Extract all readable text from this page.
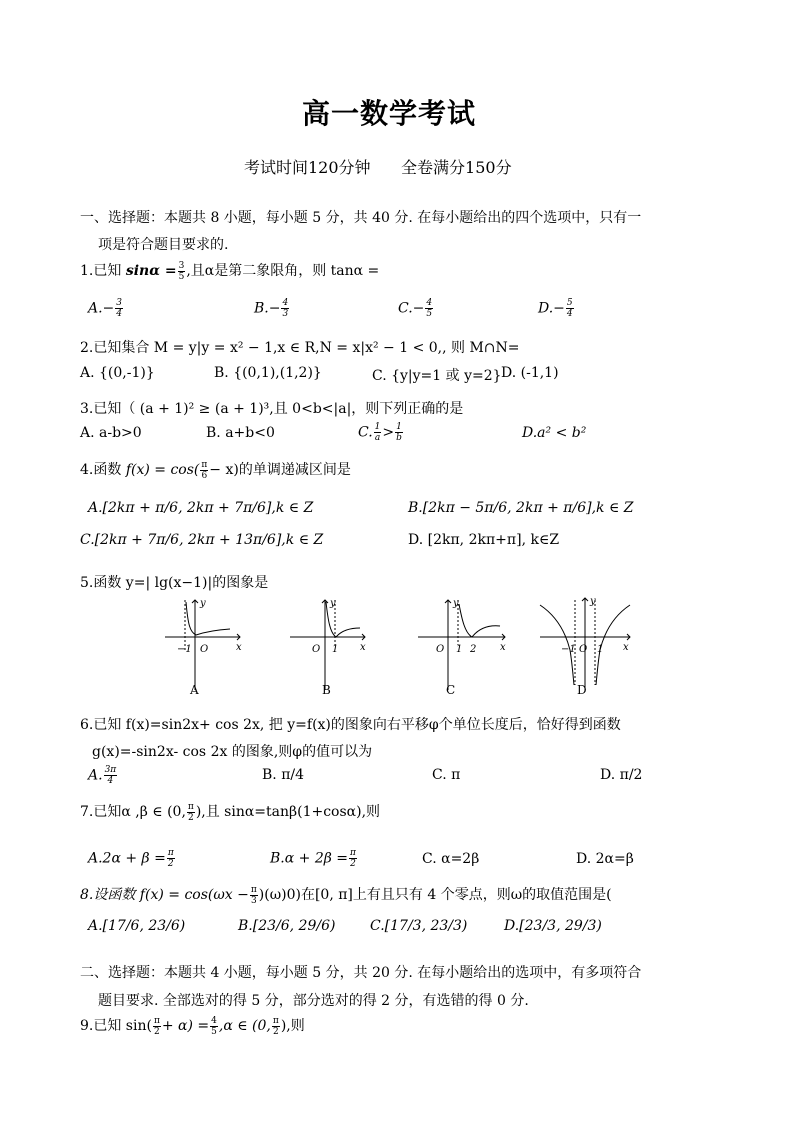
高一数学考试
考试时间120分钟      全卷满分150分
一、选择题：本题共 8 小题，每小题 5 分，共 40 分. 在每小题给出的四个选项中，只有一
项是符合题目要求的.
1.已知 $\sin\alpha = \frac{3}{5}$ ,且α是第二象限角，则 tanα =
$A.- \frac{3}{4}$	$B.- \frac{4}{3}$	$C.- \frac{4}{5}$	$D.- \frac{5}{4}$
2.已知集合 M = y|y = x² − 1,x ∈ R,N = x|x² − 1 < 0,, 则 M∩N=
A. {(0,-1)}	B. {(0,1),(1,2)}	C. {y|y=1 或 y=2} D. (-1,1)
3.已知（ (a + 1)² ≥ (a + 1)³,且 0<b<|a|，则下列正确的是
A. a-b>0	B. a+b<0	C. $\frac{1}{a} > \frac{1}{b}$	D.a² < b²
4.函数 $f(x) = \cos( \frac{\pi}{6} - x)$的单调递减区间是
A.[2kπ + π/6, 2kπ + 7π/6],k ∈ Z	B.[2kπ − 5π/6, 2kπ + π/6],k ∈ Z
C.[2kπ + 7π/6, 2kπ + 13π/6],k ∈ Z	D. [2kπ, 2kπ+π], k∈Z
5.函数 y=| lg(x−1)|的图象是
−1 O	x
y
O 1 x
y
O 1 2 x
y
−1 O 1 x
y
A	B	C	D
6.已知 f(x)=sin2x+ cos 2x, 把 y=f(x)的图象向右平移φ个单位长度后，恰好得到函数
g(x)=-sin2x- cos 2x 的图象,则φ的值可以为
A. $\frac{3\pi}{4}$	B. π/4	C. π	D. π/2
7.已知α ,β ∈ (0, $\frac{\pi}{2}$ ),且 sinα=tanβ(1+cosα),则
$A.2\alpha + \beta = \frac{\pi}{2}$	$B.\alpha + 2\beta = \frac{\pi}{2}$	C. α=2β	D. 2α=β
8.设函数 $f(x) = \cos(\omega x - \frac{\pi}{3} )(\omega)0$)在[0, π]上有且只有 4 个零点，则ω的取值范围是(
A.[17/6, 23/6)	B.[23/6, 29/6) C.[17/3, 23/3)	D.[23/3, 29/3)
二、选择题：本题共 4 小题，每小题 5 分，共 20 分. 在每小题给出的选项中，有多项符合
题目要求. 全部选对的得 5 分，部分选对的得 2 分，有选错的得 0 分.
9.已知 $\sin( \frac{\pi}{2} + \alpha) = \frac{4}{5} ,\alpha$ ∈ (0, $\frac{\pi}{2}$ ),则
